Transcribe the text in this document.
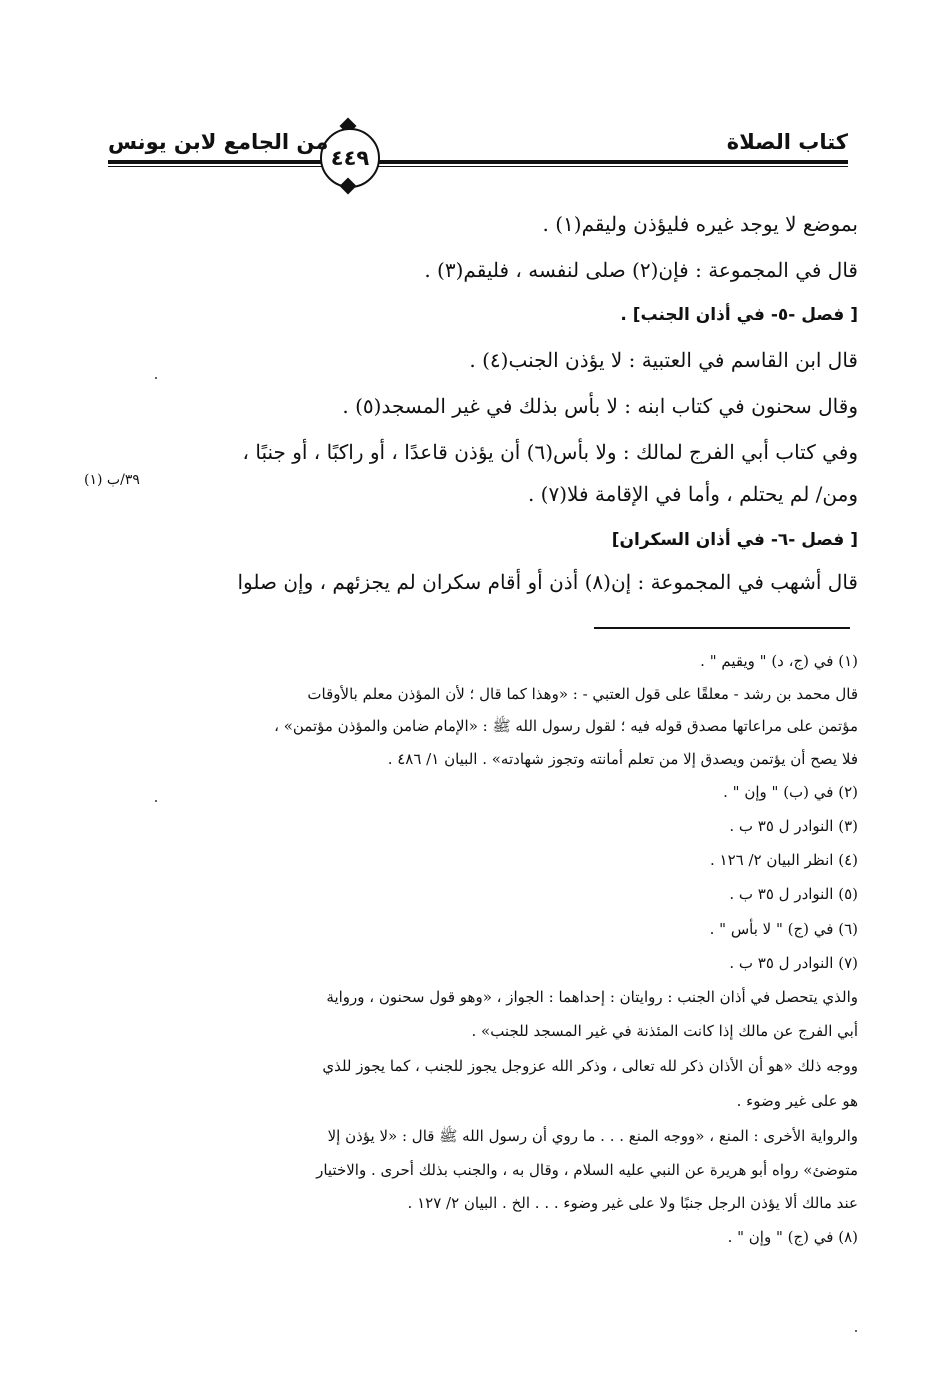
كتاب الصلاة
٤٤٩
من الجامع لابن يونس
بموضع لا يوجد غيره فليؤذن وليقم(١) .
قال في المجموعة : فإن(٢) صلى لنفسه ، فليقم(٣) .
[ فصل -٥- في أذان الجنب] .
قال ابن القاسم في العتبية : لا يؤذن الجنب(٤) .
وقال سحنون في كتاب ابنه : لا بأس بذلك في غير المسجد(٥) .
وفي كتاب أبي الفرج لمالك : ولا بأس(٦) أن يؤذن قاعدًا ، أو راكبًا ، أو جنبًا ،
ومن/ لم يحتلم ، وأما في الإقامة فلا(٧) .
[ فصل -٦- في أذان السكران]
قال أشهب في المجموعة : إن(٨) أذن أو أقام سكران لم يجزئهم ، وإن صلوا
٣٩/ب (١)
(١) في (ج، د) " ويقيم " .
قال محمد بن رشد - معلقًا على قول العتبي - : «وهذا كما قال ؛ لأن المؤذن معلم بالأوقات
مؤتمن على مراعاتها مصدق قوله فيه ؛ لقول رسول الله ﷺ : «الإمام ضامن والمؤذن مؤتمن» ،
فلا يصح أن يؤتمن ويصدق إلا من تعلم أمانته وتجوز شهادته» . البيان ١/ ٤٨٦ .
(٢) في (ب) " وإن " .
(٣) النوادر ل ٣٥ ب .
(٤) انظر البيان ٢/ ١٢٦ .
(٥) النوادر ل ٣٥ ب .
(٦) في (ج) " لا بأس " .
(٧) النوادر ل ٣٥ ب .
والذي يتحصل في أذان الجنب : روايتان : إحداهما : الجواز ، «وهو قول سحنون ، ورواية
أبي الفرج عن مالك إذا كانت المئذنة في غير المسجد للجنب» .
ووجه ذلك «هو أن الأذان ذكر لله تعالى ، وذكر الله عزوجل يجوز للجنب ، كما يجوز للذي
هو على غير وضوء .
والرواية الأخرى : المنع ، «ووجه المنع . . . ما روي أن رسول الله ﷺ قال : «لا يؤذن إلا
متوضئ» رواه أبو هريرة عن النبي عليه السلام ، وقال به ، والجنب بذلك أحرى . والاختيار
عند مالك ألا يؤذن الرجل جنبًا ولا على غير وضوء . . . الخ . البيان ٢/ ١٢٧ .
(٨) في (ج) " وإن " .
